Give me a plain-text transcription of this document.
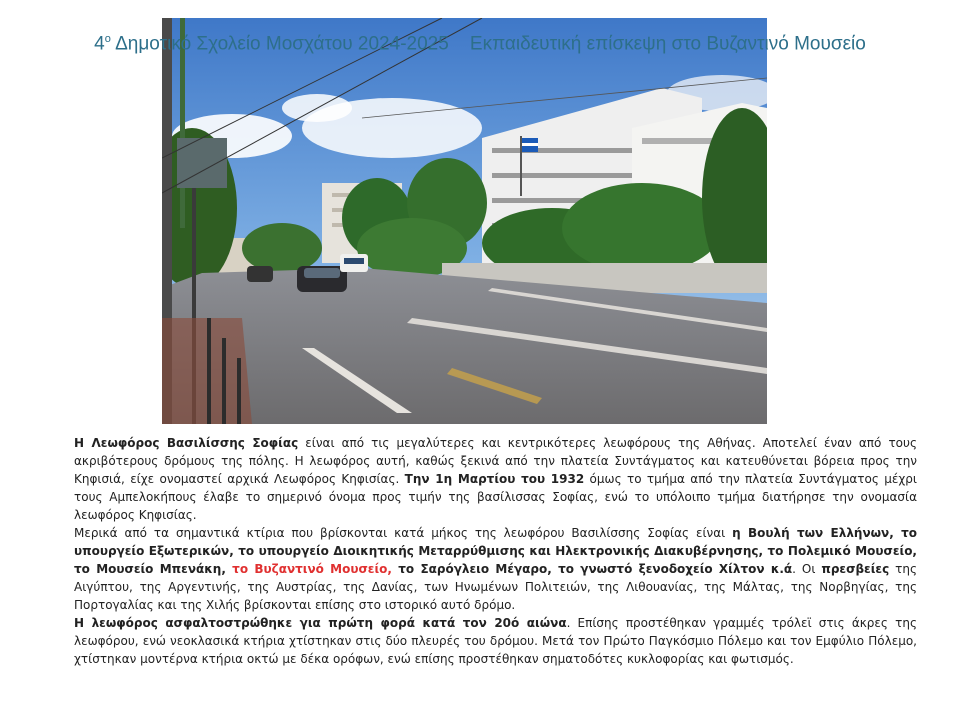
$4^o$ Δημοτικό Σχολείο Μοσχάτου 2024-2025 Εκπαιδευτική επίσκεψη στο Βυζαντινό Μουσείο

Η Λεωφόρος Βασιλίσσης Σοφίας είναι από τις μεγαλύτερες και κεντρικότερες λεωφόρους της Αθήνας. Αποτελεί έναν από τους ακριβότερους δρόμους της πόλης. Η λεωφόρος αυτή, καθώς ξεκινά από την πλατεία Συντάγματος και κατευθύνεται βόρεια προς την Κηφισιά, είχε ονομαστεί αρχικά Λεωφόρος Κηφισίας. Την 1η Μαρτίου του 1932 όμως το τμήμα από την πλατεία Συντάγματος μέχρι τους Αμπελοκήπους έλαβε το σημερινό όνομα προς τιμήν της βασίλισσας Σοφίας, ενώ το υπόλοιπο τμήμα διατήρησε την ονομασία λεωφόρος Κηφισίας.

Μερικά από τα σημαντικά κτίρια που βρίσκονται κατά μήκος της λεωφόρου Βασιλίσσης Σοφίας είναι η Βουλή των Ελλήνων, το υπουργείο Εξωτερικών, το υπουργείο Διοικητικής Μεταρρύθμισης και Ηλεκτρονικής Διακυβέρνησης, το Πολεμικό Μουσείο, το Μουσείο Μπενάκη, το Βυζαντινό Μουσείο, το Σαρόγλειο Μέγαρο, το γνωστό ξενοδοχείο Χίλτον κ.ά. Οι πρεσβείες της Αιγύπτου, της Αργεντινής, της Αυστρίας, της Δανίας, των Ηνωμένων Πολιτειών, της Λιθουανίας, της Μάλτας, της Νορβηγίας, της Πορτογαλίας και της Χιλής βρίσκονται επίσης στο ιστορικό αυτό δρόμο.

Η λεωφόρος ασφαλτοστρώθηκε για πρώτη φορά κατά τον 20ό αιώνα. Επίσης προστέθηκαν γραμμές τρόλεϊ στις άκρες της λεωφόρου, ενώ νεοκλασικά κτήρια χτίστηκαν στις δύο πλευρές του δρόμου. Μετά τον Πρώτο Παγκόσμιο Πόλεμο και τον Εμφύλιο Πόλεμο, χτίστηκαν μοντέρνα κτήρια οκτώ με δέκα ορόφων, ενώ επίσης προστέθηκαν σηματοδότες κυκλοφορίας και φωτισμός.
